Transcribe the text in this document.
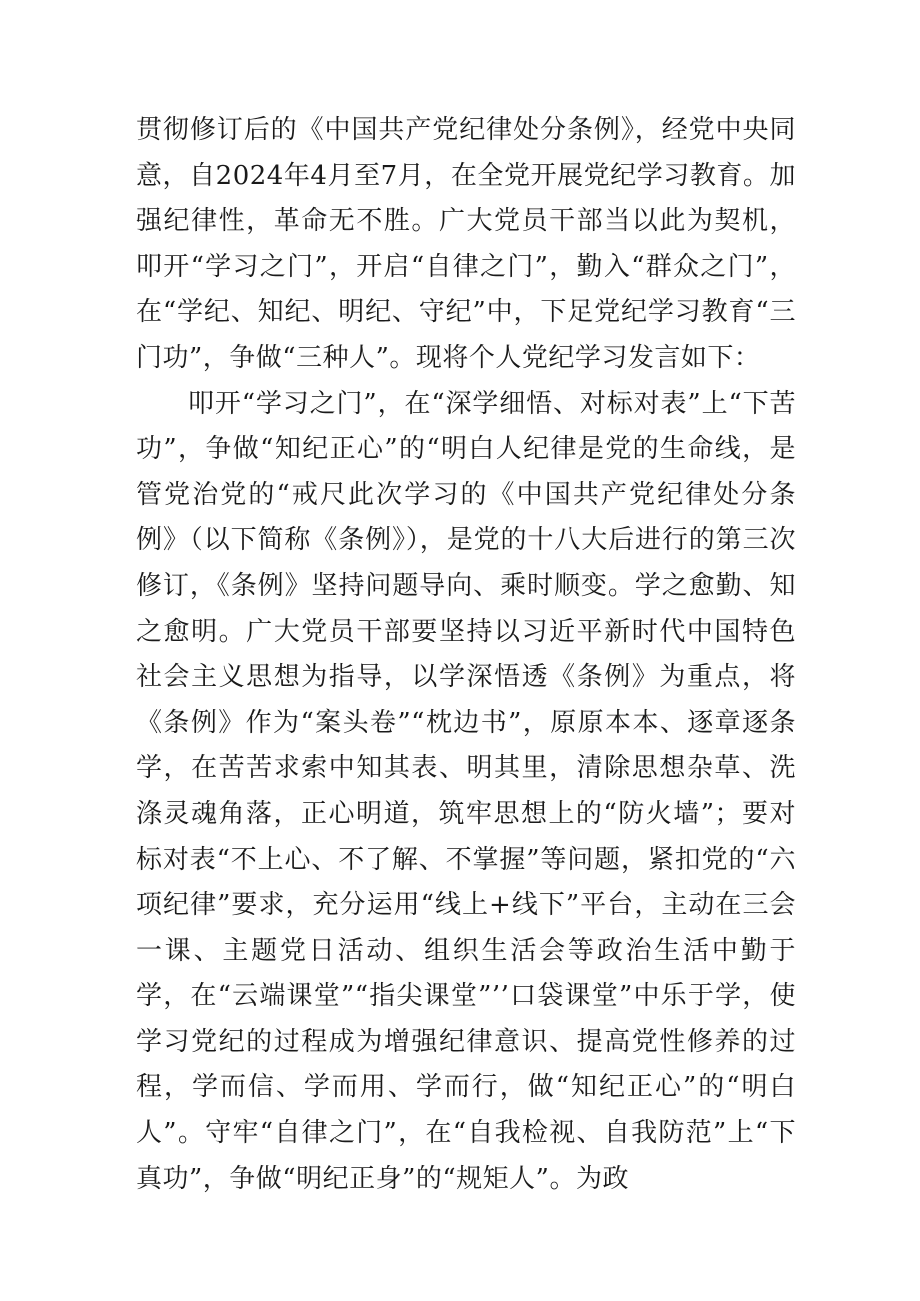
贯彻修订后的《中国共产党纪律处分条例》，经党中央同意，自2024年4月至7月，在全党开展党纪学习教育。加强纪律性，革命无不胜。广大党员干部当以此为契机，叩开“学习之门”，开启“自律之门”，勤入“群众之门”，在“学纪、知纪、明纪、守纪”中，下足党纪学习教育“三门功”，争做“三种人”。现将个人党纪学习发言如下：

叩开“学习之门”，在“深学细悟、对标对表”上“下苦功”，争做“知纪正心”的“明白人纪律是党的生命线，是管党治党的“戒尺此次学习的《中国共产党纪律处分条例》（以下简称《条例》），是党的十八大后进行的第三次修订，《条例》坚持问题导向、乘时顺变。学之愈勤、知之愈明。广大党员干部要坚持以习近平新时代中国特色社会主义思想为指导，以学深悟透《条例》为重点，将《条例》作为“案头卷”“枕边书”，原原本本、逐章逐条学，在苦苦求索中知其表、明其里，清除思想杂草、洗涤灵魂角落，正心明道，筑牢思想上的“防火墙”；要对标对表“不上心、不了解、不掌握”等问题，紧扣党的“六项纪律”要求，充分运用“线上+线下”平台，主动在三会一课、主题党日活动、组织生活会等政治生活中勤于学，在“云端课堂”“指尖课堂”’’口袋课堂”中乐于学，使学习党纪的过程成为增强纪律意识、提高党性修养的过程，学而信、学而用、学而行，做“知纪正心”的“明白人”。守牢“自律之门”，在“自我检视、自我防范”上“下真功”，争做“明纪正身”的“规矩人”。为政
